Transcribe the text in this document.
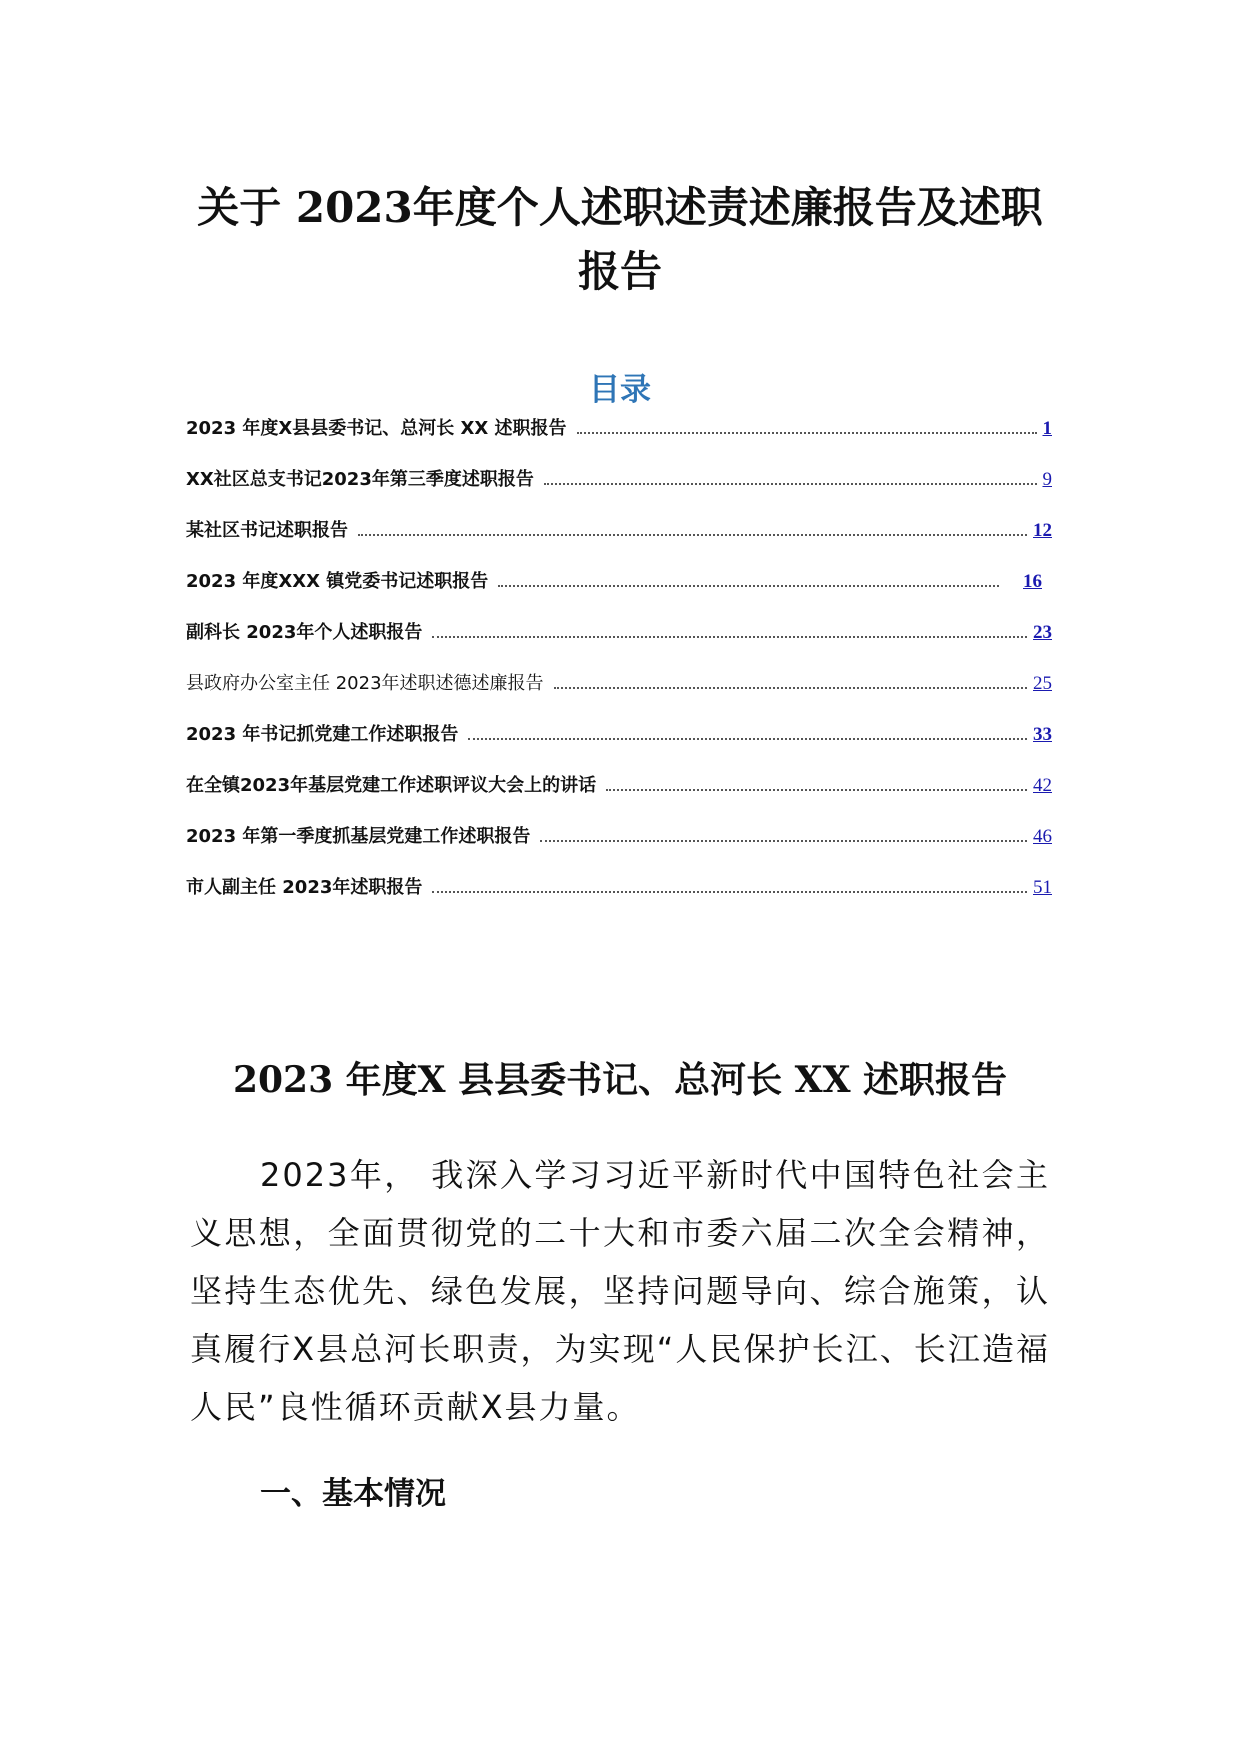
关于 2023年度个人述职述责述廉报告及述职
报告
目录
2023 年度X县县委书记、总河长 XX 述职报告	1
XX社区总支书记2023年第三季度述职报告	9
某社区书记述职报告	12
2023 年度XXX 镇党委书记述职报告	16
副科长 2023年个人述职报告	23
县政府办公室主任 2023年述职述德述廉报告	25
2023 年书记抓党建工作述职报告	33
在全镇2023年基层党建工作述职评议大会上的讲话	42
2023 年第一季度抓基层党建工作述职报告	46
市人副主任 2023年述职报告	51
2023 年度X 县县委书记、总河长 XX 述职报告
2023年， 我深入学习习近平新时代中国特色社会主义思想，全面贯彻党的二十大和市委六届二次全会精神，坚持生态优先、绿色发展，坚持问题导向、综合施策，认真履行X县总河长职责，为实现“人民保护长江、长江造福人民”良性循环贡献X县力量。
一、基本情况
